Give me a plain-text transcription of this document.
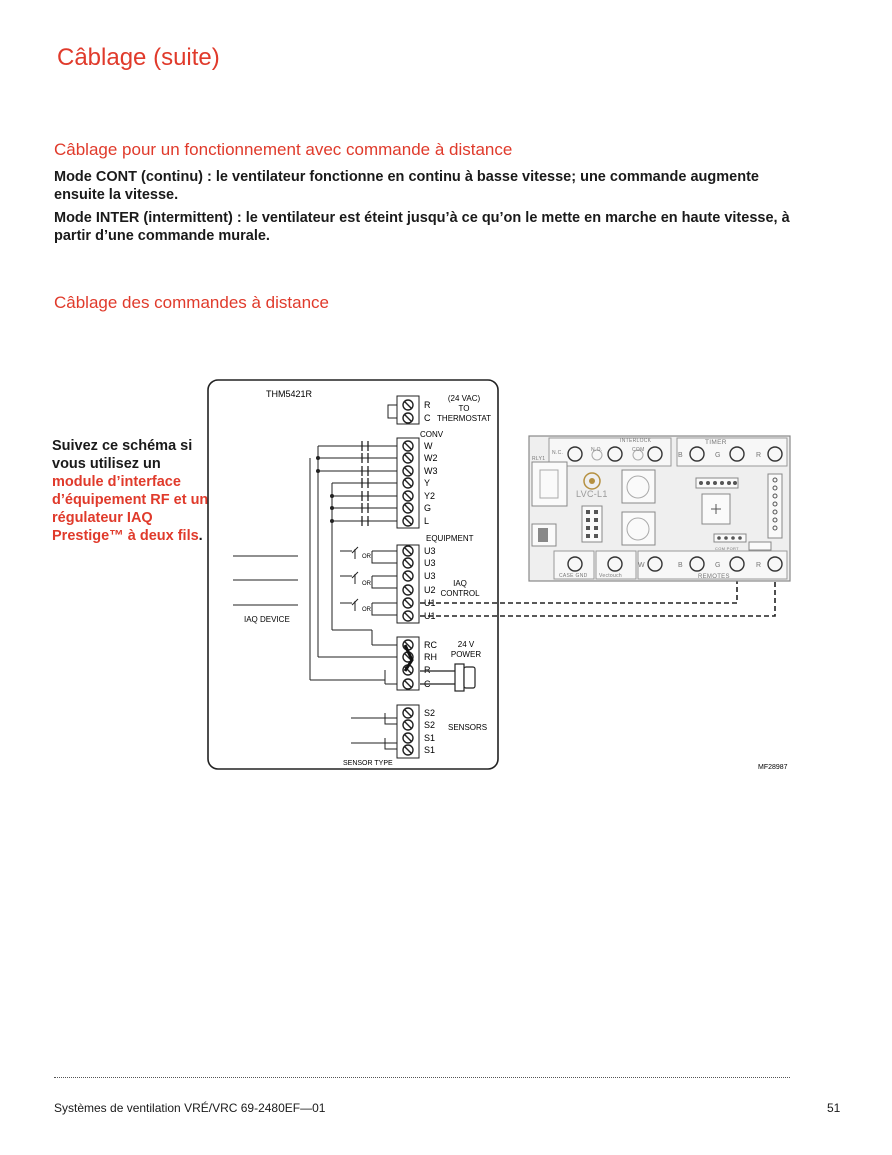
Câblage (suite)
Câblage pour un fonctionnement avec commande à distance

Mode CONT (continu) : le ventilateur fonctionne en continu à basse vitesse; une commande augmente ensuite la vitesse.

Mode INTER (intermittent) : le ventilateur est éteint jusqu’à ce qu’on le mette en marche en haute vitesse, à partir d’une commande murale.

Câblage des commandes à distance
Suivez ce schéma si vous utilisez un module d’interface d’équipement RF et un régulateur IAQ Prestige™ à deux fils.
THM5421R
R
C
W
W2
W3
Y
Y2
G
L
U3
U3
U3
U2
U1
U1
RC
RH
R
C
S2
S2
S1
S1
(24 VAC)
TO
THERMOSTAT
CONV
EQUIPMENT
IAQ
CONTROL
24 V
POWER
SENSORS
SENSOR TYPE
IAQ DEVICE
OR
OR
OR
N.C.	N.O.
INTERLOCK
COM
TIMER
B	G	R
RLY1
LVC-L1
CASE GND Vectouch
W	B	G	R
REMOTES
COM PORT
MF28987
Systèmes de ventilation VRÉ/VRC 69-2480EF—01	51
